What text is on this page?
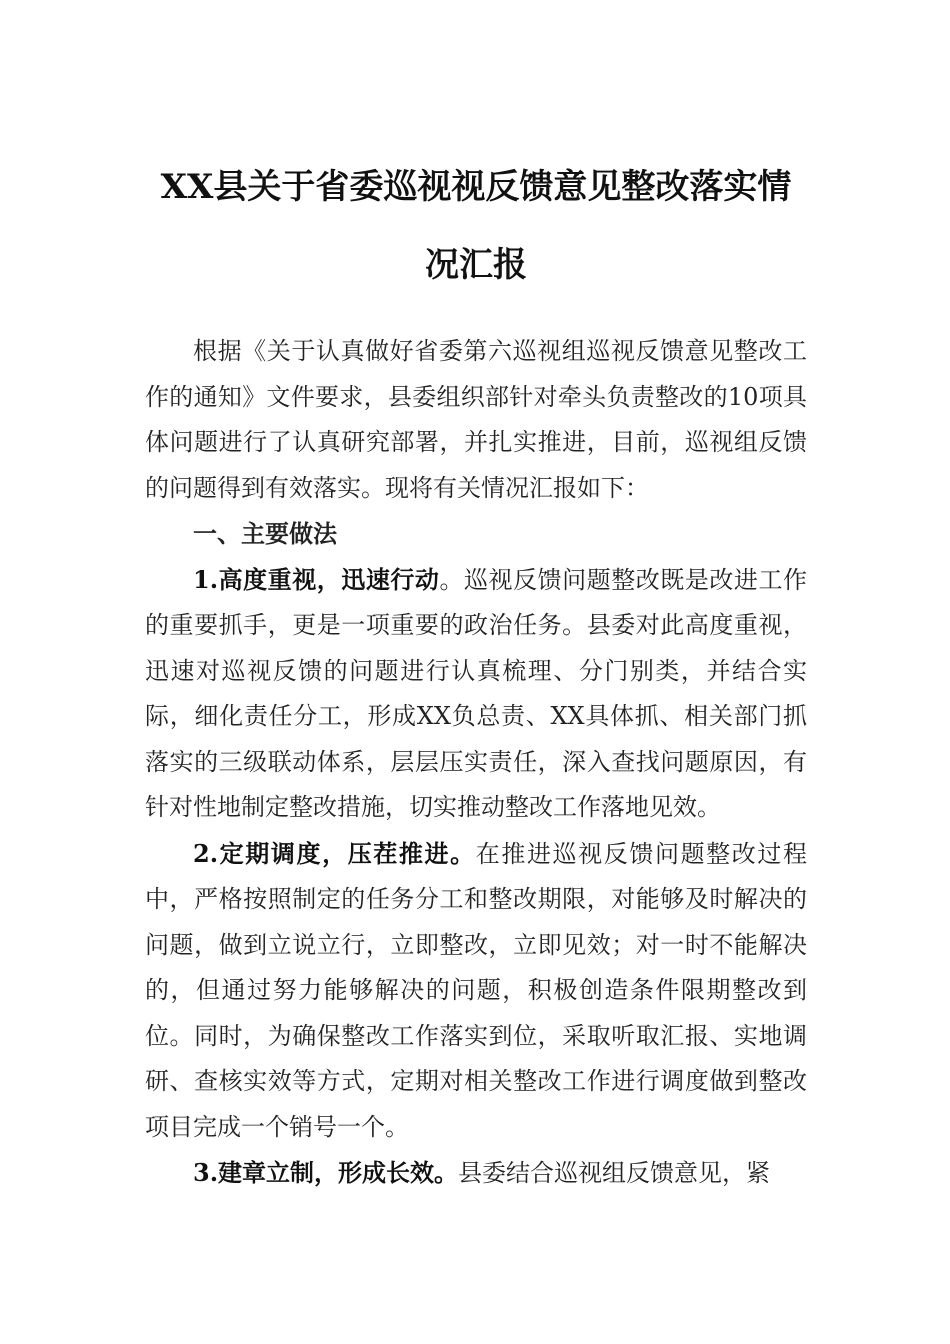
XX县关于省委巡视视反馈意见整改落实情况汇报

根据《关于认真做好省委第六巡视组巡视反馈意见整改工作的通知》文件要求，县委组织部针对牵头负责整改的10项具体问题进行了认真研究部署，并扎实推进，目前，巡视组反馈的问题得到有效落实。现将有关情况汇报如下：

一、主要做法

1.高度重视，迅速行动。巡视反馈问题整改既是改进工作的重要抓手，更是一项重要的政治任务。县委对此高度重视，迅速对巡视反馈的问题进行认真梳理、分门别类，并结合实际，细化责任分工，形成XX负总责、XX具体抓、相关部门抓落实的三级联动体系，层层压实责任，深入查找问题原因，有针对性地制定整改措施，切实推动整改工作落地见效。

2.定期调度，压茬推进。在推进巡视反馈问题整改过程中，严格按照制定的任务分工和整改期限，对能够及时解决的问题，做到立说立行，立即整改，立即见效；对一时不能解决的，但通过努力能够解决的问题，积极创造条件限期整改到位。同时，为确保整改工作落实到位，采取听取汇报、实地调研、查核实效等方式，定期对相关整改工作进行调度做到整改项目完成一个销号一个。

3.建章立制，形成长效。县委结合巡视组反馈意见，紧
